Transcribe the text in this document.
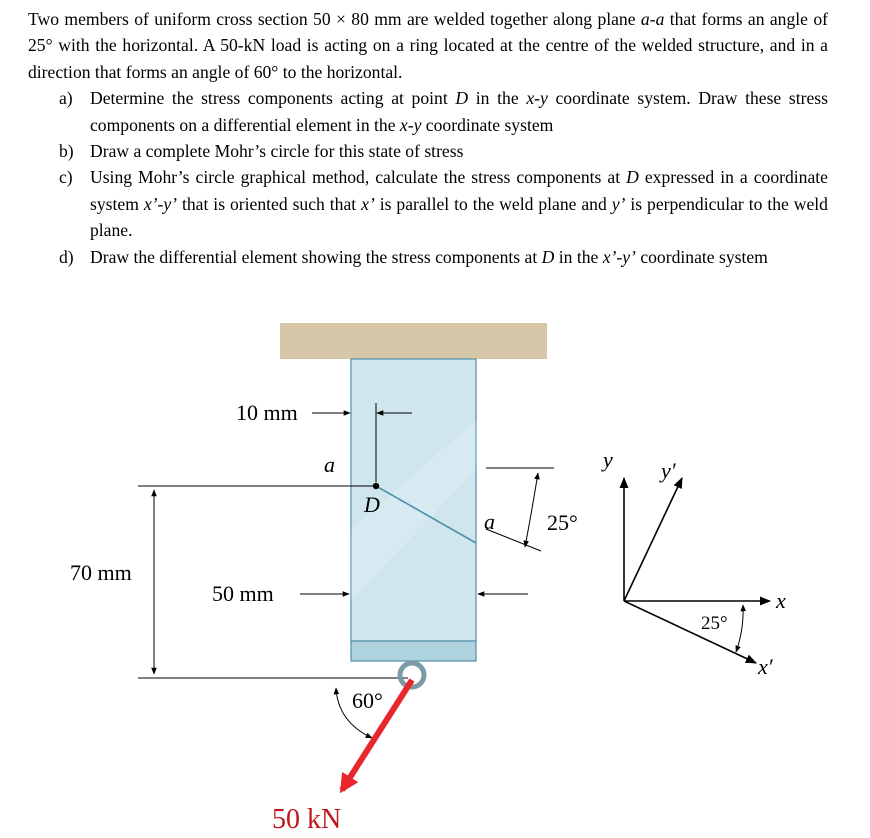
Two members of uniform cross section 50 × 80 mm are welded together along plane a-a that forms an angle of 25° with the horizontal. A 50-kN load is acting on a ring located at the centre of the welded structure, and in a direction that forms an angle of 60° to the horizontal.
a) Determine the stress components acting at point D in the x-y coordinate system. Draw these stress components on a differential element in the x-y coordinate system
b) Draw a complete Mohr’s circle for this state of stress
c) Using Mohr’s circle graphical method, calculate the stress components at D expressed in a coordinate system x’-y’ that is oriented such that x’ is parallel to the weld plane and y’ is perpendicular to the weld plane.
d) Draw the differential element showing the stress components at D in the x’-y’ coordinate system
D
10 mm
a
a 25°
50 mm
70 mm
60°
50 kN
y
x
y′
x′
25°
